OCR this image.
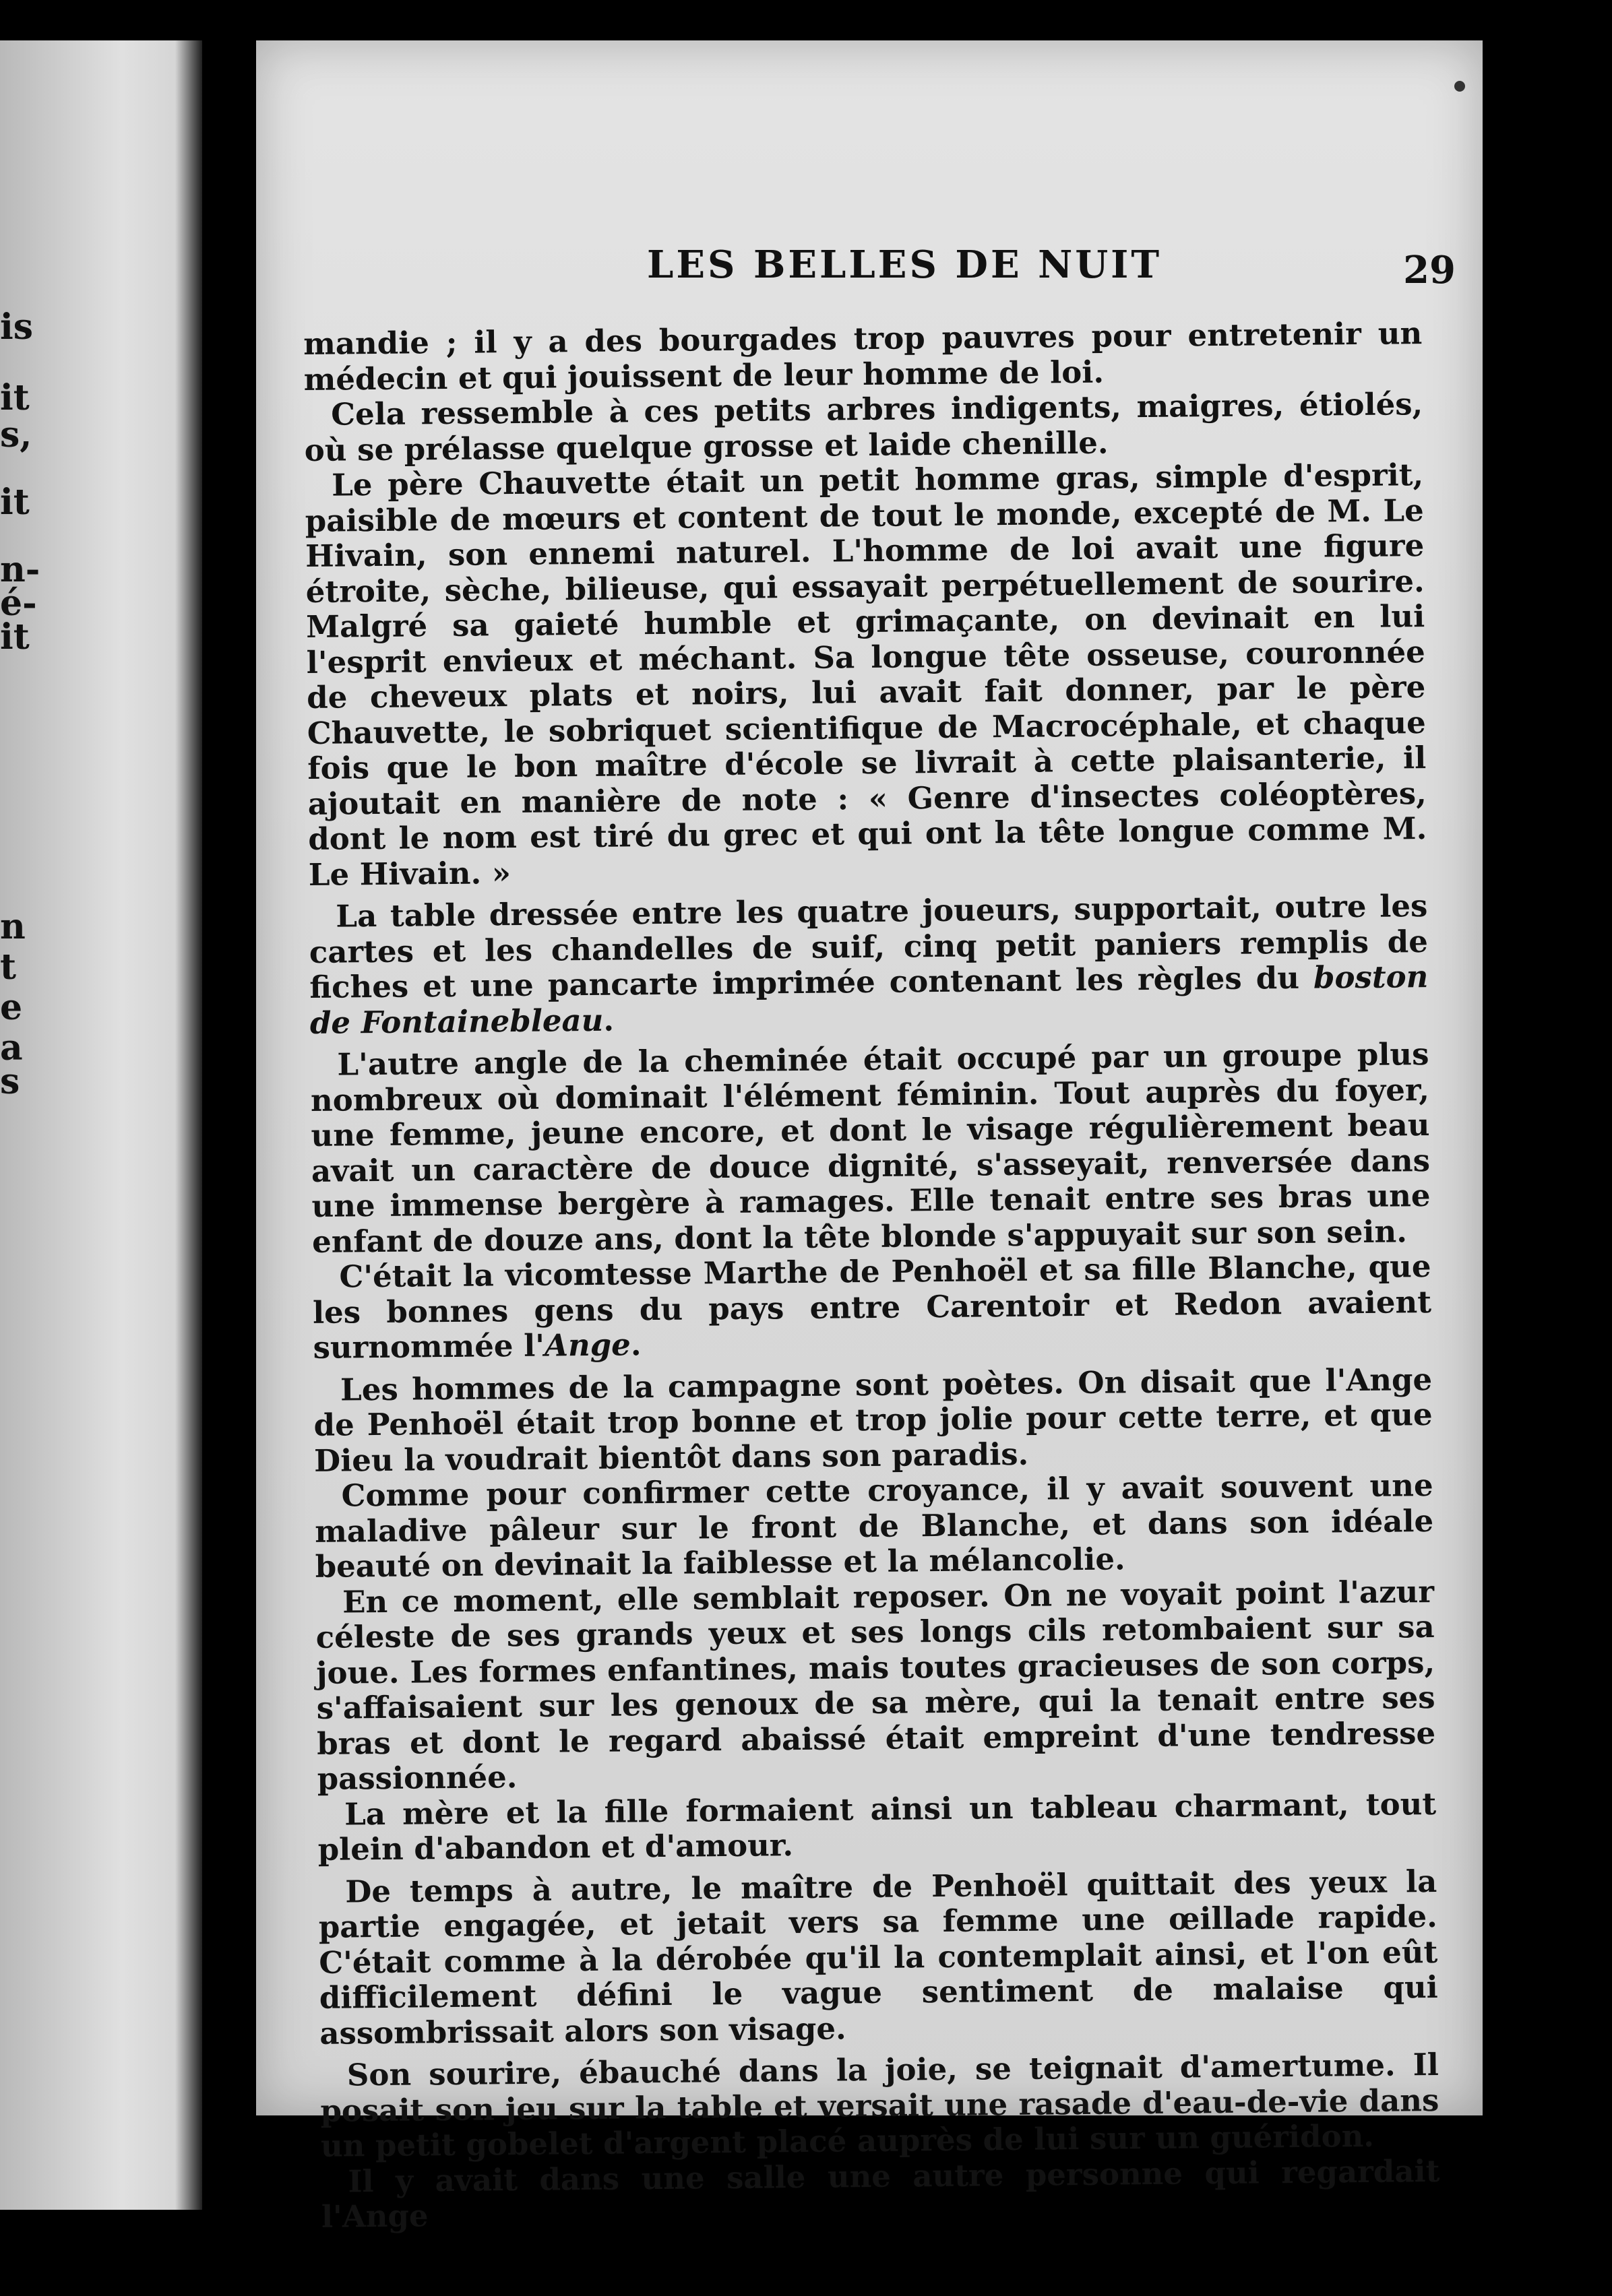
is
it
s,
it
n-
é-
it
n
t
e
a
s
LES BELLES DE NUIT	29

mandie ; il y a des bourgades trop pauvres pour entretenir un médecin et qui jouissent de leur homme de loi.

Cela ressemble à ces petits arbres indigents, maigres, étiolés, où se prélasse quelque grosse et laide chenille.

Le père Chauvette était un petit homme gras, simple d'esprit, paisible de mœurs et content de tout le monde, excepté de M. Le Hivain, son ennemi naturel. L'homme de loi avait une figure étroite, sèche, bilieuse, qui essayait perpétuellement de sourire. Malgré sa gaieté humble et grimaçante, on devinait en lui l'esprit envieux et méchant. Sa longue tête osseuse, couronnée de cheveux plats et noirs, lui avait fait donner, par le père Chauvette, le sobriquet scientifique de Macrocéphale, et chaque fois que le bon maître d'école se livrait à cette plaisanterie, il ajoutait en manière de note : « Genre d'insectes coléoptères, dont le nom est tiré du grec et qui ont la tête longue comme M. Le Hivain. »

La table dressée entre les quatre joueurs, supportait, outre les cartes et les chandelles de suif, cinq petit paniers remplis de fiches et une pancarte imprimée contenant les règles du boston de Fontainebleau.

L'autre angle de la cheminée était occupé par un groupe plus nombreux où dominait l'élément féminin. Tout auprès du foyer, une femme, jeune encore, et dont le visage régulièrement beau avait un caractère de douce dignité, s'asseyait, renversée dans une immense bergère à ramages. Elle tenait entre ses bras une enfant de douze ans, dont la tête blonde s'appuyait sur son sein.

C'était la vicomtesse Marthe de Penhoël et sa fille Blanche, que les bonnes gens du pays entre Carentoir et Redon avaient surnommée l'Ange.

Les hommes de la campagne sont poètes. On disait que l'Ange de Penhoël était trop bonne et trop jolie pour cette terre, et que Dieu la voudrait bientôt dans son paradis.

Comme pour confirmer cette croyance, il y avait souvent une maladive pâleur sur le front de Blanche, et dans son idéale beauté on devinait la faiblesse et la mélancolie.

En ce moment, elle semblait reposer. On ne voyait point l'azur céleste de ses grands yeux et ses longs cils retombaient sur sa joue. Les formes enfantines, mais toutes gracieuses de son corps, s'affaisaient sur les genoux de sa mère, qui la tenait entre ses bras et dont le regard abaissé était empreint d'une tendresse passionnée.

La mère et la fille formaient ainsi un tableau charmant, tout plein d'abandon et d'amour.

De temps à autre, le maître de Penhoël quittait des yeux la partie engagée, et jetait vers sa femme une œillade rapide. C'était comme à la dérobée qu'il la contemplait ainsi, et l'on eût difficilement défini le vague sentiment de malaise qui assombrissait alors son visage.

Son sourire, ébauché dans la joie, se teignait d'amertume. Il posait son jeu sur la table et versait une rasade d'eau-de-vie dans un petit gobelet d'argent placé auprès de lui sur un guéridon.

Il y avait dans une salle une autre personne qui regardait l'Ange
